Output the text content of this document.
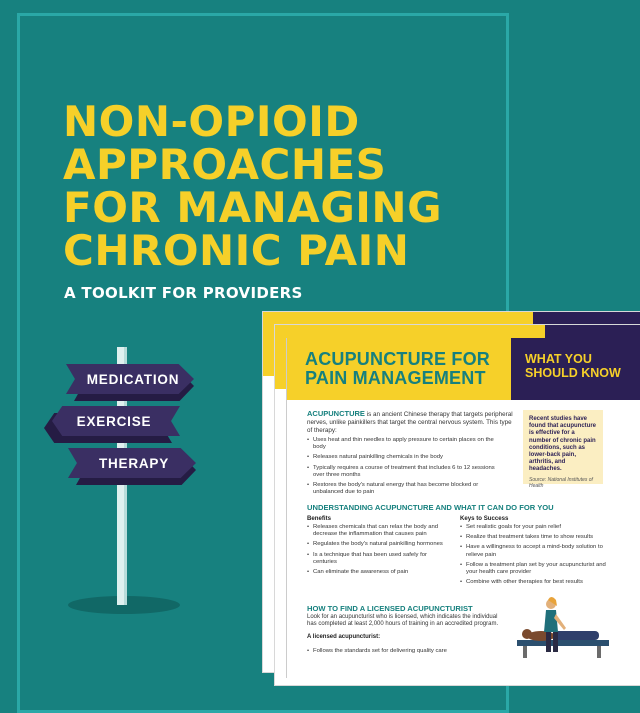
NON-OPIOID
APPROACHES
FOR MANAGING
CHRONIC PAIN
A TOOLKIT FOR PROVIDERS
MEDICATION
EXERCISE
THERAPY
ACUPUNCTURE FOR
PAIN MANAGEMENT
WHAT YOU
SHOULD KNOW

ACUPUNCTURE is an ancient Chinese therapy that targets peripheral nerves, unlike painkillers that target the central nervous system. This type of therapy:

• Uses heat and thin needles to apply pressure to certain places on the body
• Releases natural painkilling chemicals in the body
• Typically requires a course of treatment that includes 6 to 12 sessions over three months
• Restores the body's natural energy that has become blocked or unbalanced due to pain

Recent studies have found that acupuncture is effective for a number of chronic pain conditions, such as lower-back pain, arthritis, and headaches.

Source: National Institutes of Health

UNDERSTANDING ACUPUNCTURE AND WHAT IT CAN DO FOR YOU
Benefits	Keys to Success
• Releases chemicals that can relax the body and decrease the inflammation that causes pain
• Regulates the body's natural painkilling hormones
• Is a technique that has been used safely for centuries
• Can eliminate the awareness of pain
• Set realistic goals for your pain relief
• Realize that treatment takes time to show results
• Have a willingness to accept a mind-body solution to relieve pain
• Follow a treatment plan set by your acupuncturist and your health care provider
• Combine with other therapies for best results
HOW TO FIND A LICENSED ACUPUNCTURIST

Look for an acupuncturist who is licensed, which indicates the individual has completed at least 2,000 hours of training in an accredited program.

A licensed acupuncturist:

• Follows the standards set for delivering quality care
